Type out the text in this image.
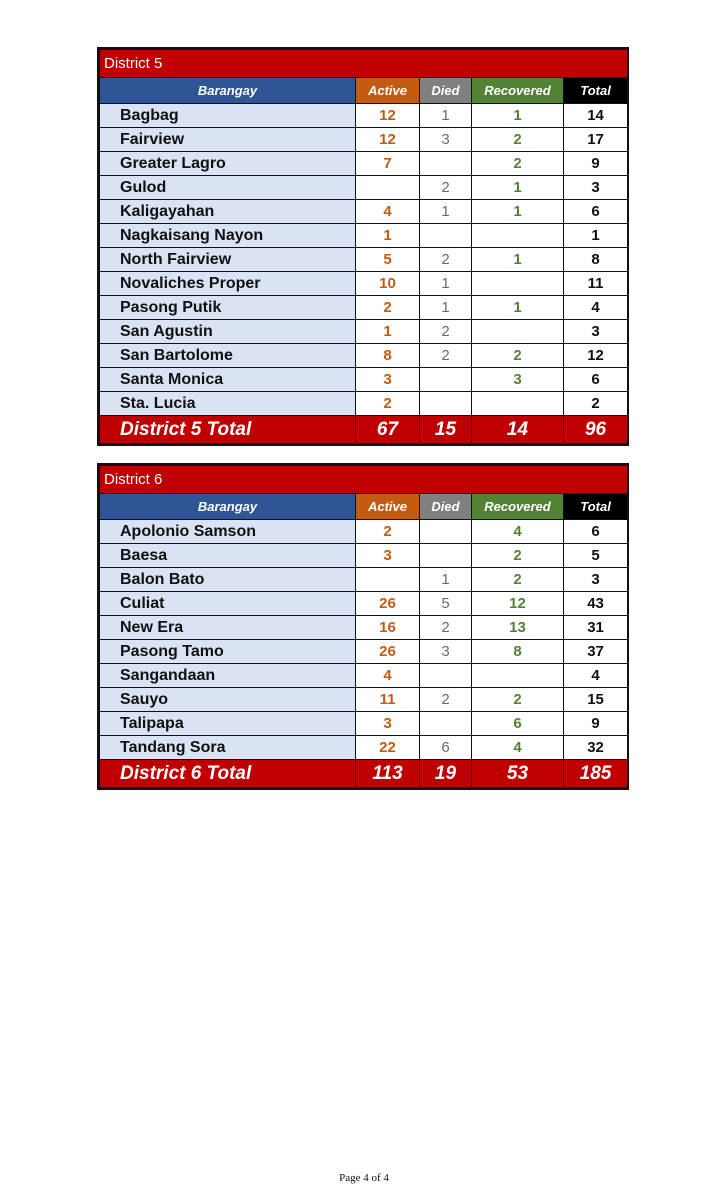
District 5				
Barangay	Active	Died	Recovered	Total
Bagbag	12	1	1	14
Fairview	12	3	2	17
Greater Lagro	7		2	9
Gulod		2	1	3
Kaligayahan	4	1	1	6
Nagkaisang Nayon	1			1
North Fairview	5	2	1	8
Novaliches Proper	10	1		11
Pasong Putik	2	1	1	4
San Agustin	1	2		3
San Bartolome	8	2	2	12
Santa Monica	3		3	6
Sta. Lucia	2			2
District 5 Total	67	15	14	96
District 6				
Barangay	Active	Died	Recovered	Total
Apolonio Samson	2		4	6
Baesa	3		2	5
Balon Bato		1	2	3
Culiat	26	5	12	43
New Era	16	2	13	31
Pasong Tamo	26	3	8	37
Sangandaan	4			4
Sauyo	11	2	2	15
Talipapa	3		6	9
Tandang Sora	22	6	4	32
District 6 Total	113	19	53	185
Page 4 of 4
